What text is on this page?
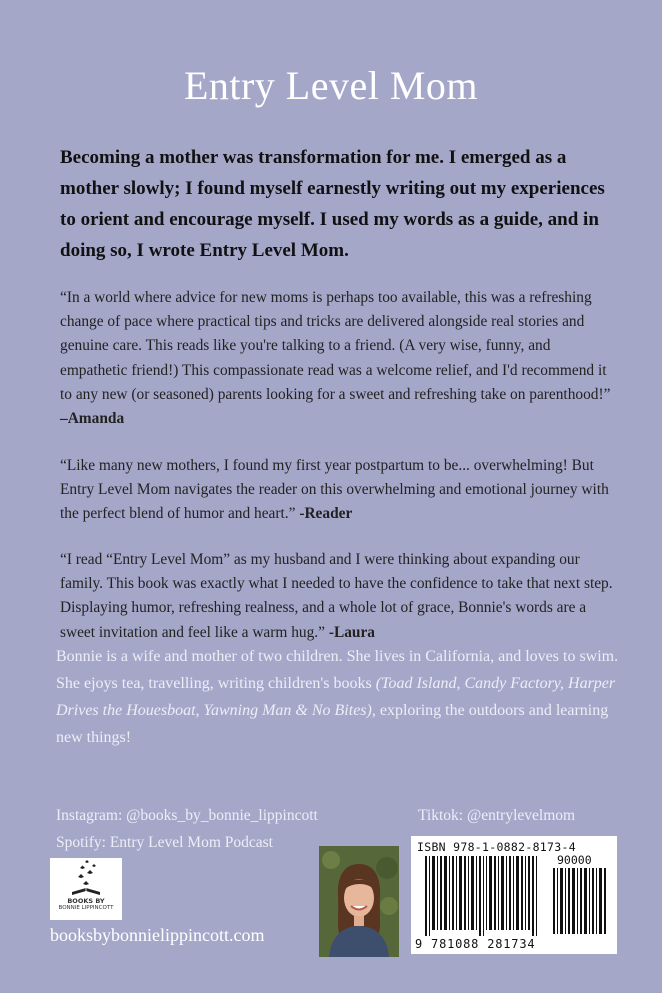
Entry Level Mom
Becoming a mother was transformation for me. I emerged as a mother slowly; I found myself earnestly writing out my experiences to orient and encourage myself. I used my words as a guide, and in doing so, I wrote Entry Level Mom.
“In a world where advice for new moms is perhaps too available, this was a refreshing change of pace where practical tips and tricks are delivered alongside real stories and genuine care. This reads like you're talking to a friend. (A very wise, funny, and empathetic friend!) This compassionate read was a welcome relief, and I'd recommend it to any new (or seasoned) parents looking for a sweet and refreshing take on parenthood!” –Amanda
“Like many new mothers, I found my first year postpartum to be... overwhelming! But Entry Level Mom navigates the reader on this overwhelming and emotional journey with the perfect blend of humor and heart.” -Reader
“I read “Entry Level Mom” as my husband and I were thinking about expanding our family. This book was exactly what I needed to have the confidence to take that next step. Displaying humor, refreshing realness, and a whole lot of grace, Bonnie's words are a sweet invitation and feel like a warm hug.” -Laura
Bonnie is a wife and mother of two children. She lives in California, and loves to swim. She ejoys tea, travelling, writing children's books (Toad Island, Candy Factory, Harper Drives the Houesboat, Yawning Man & No Bites), exploring the outdoors and learning new things!
Instagram: @books_by_bonnie_lippincott
Spotify: Entry Level Mom Podcast
Tiktok: @entrylevelmom
BOOKS BY
BONNIE LIPPINCOTT
booksbybonnielippincott.com
ISBN 978-1-0882-8173-4
90000
9 781088 281734
